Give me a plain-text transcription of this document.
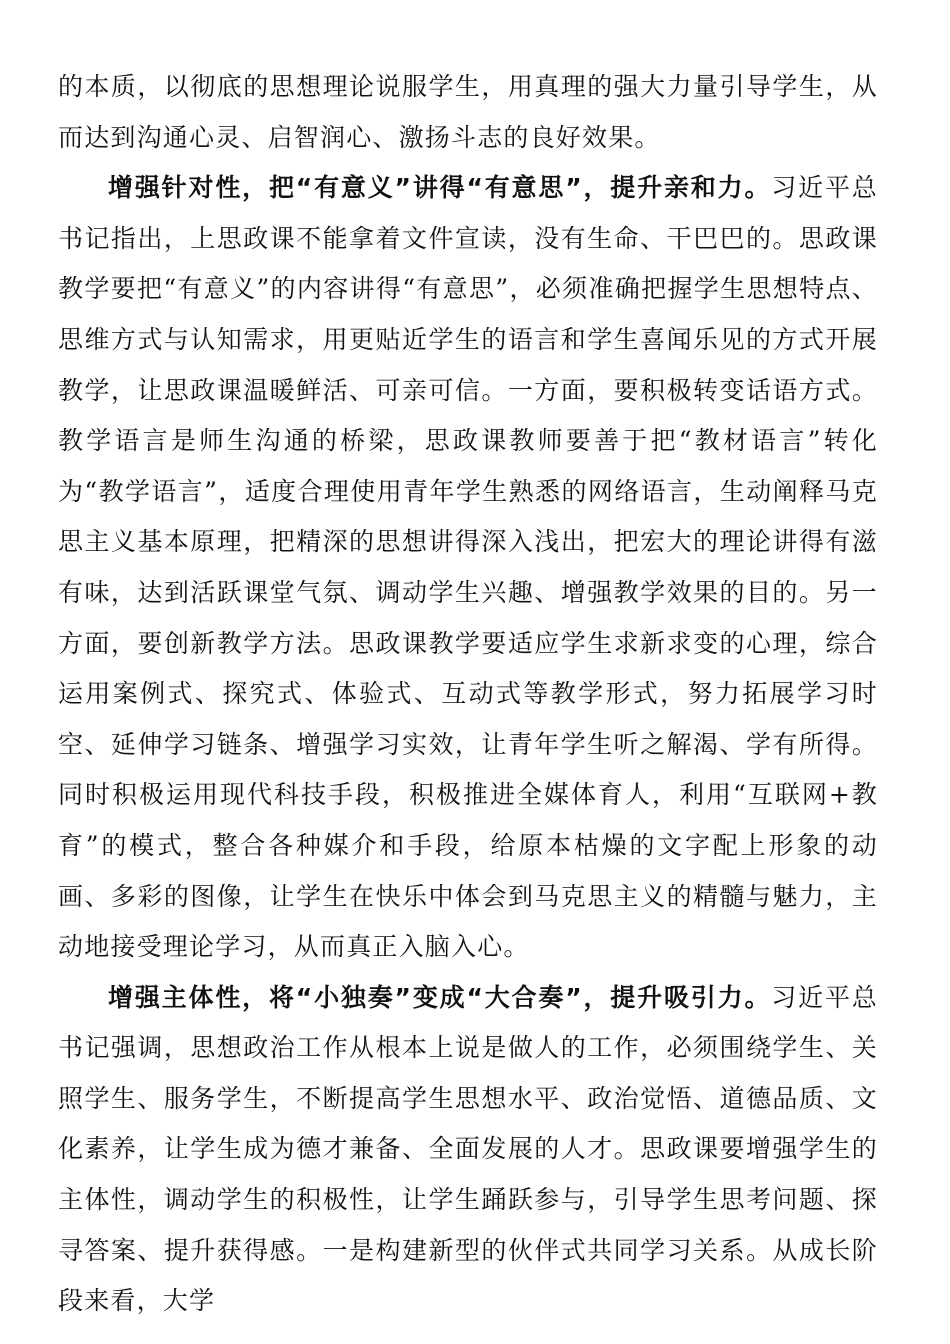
的本质，以彻底的思想理论说服学生，用真理的强大力量引导学生，从而达到沟通心灵、启智润心、激扬斗志的良好效果。

增强针对性，把“有意义”讲得“有意思”，提升亲和力。习近平总书记指出，上思政课不能拿着文件宣读，没有生命、干巴巴的。思政课教学要把“有意义”的内容讲得“有意思”，必须准确把握学生思想特点、思维方式与认知需求，用更贴近学生的语言和学生喜闻乐见的方式开展教学，让思政课温暖鲜活、可亲可信。一方面，要积极转变话语方式。教学语言是师生沟通的桥梁，思政课教师要善于把“教材语言”转化为“教学语言”，适度合理使用青年学生熟悉的网络语言，生动阐释马克思主义基本原理，把精深的思想讲得深入浅出，把宏大的理论讲得有滋有味，达到活跃课堂气氛、调动学生兴趣、增强教学效果的目的。另一方面，要创新教学方法。思政课教学要适应学生求新求变的心理，综合运用案例式、探究式、体验式、互动式等教学形式，努力拓展学习时空、延伸学习链条、增强学习实效，让青年学生听之解渴、学有所得。同时积极运用现代科技手段，积极推进全媒体育人，利用“互联网+教育”的模式，整合各种媒介和手段，给原本枯燥的文字配上形象的动画、多彩的图像，让学生在快乐中体会到马克思主义的精髓与魅力，主动地接受理论学习，从而真正入脑入心。

增强主体性，将“小独奏”变成“大合奏”，提升吸引力。习近平总书记强调，思想政治工作从根本上说是做人的工作，必须围绕学生、关照学生、服务学生，不断提高学生思想水平、政治觉悟、道德品质、文化素养，让学生成为德才兼备、全面发展的人才。思政课要增强学生的主体性，调动学生的积极性，让学生踊跃参与，引导学生思考问题、探寻答案、提升获得感。一是构建新型的伙伴式共同学习关系。从成长阶段来看，大学
